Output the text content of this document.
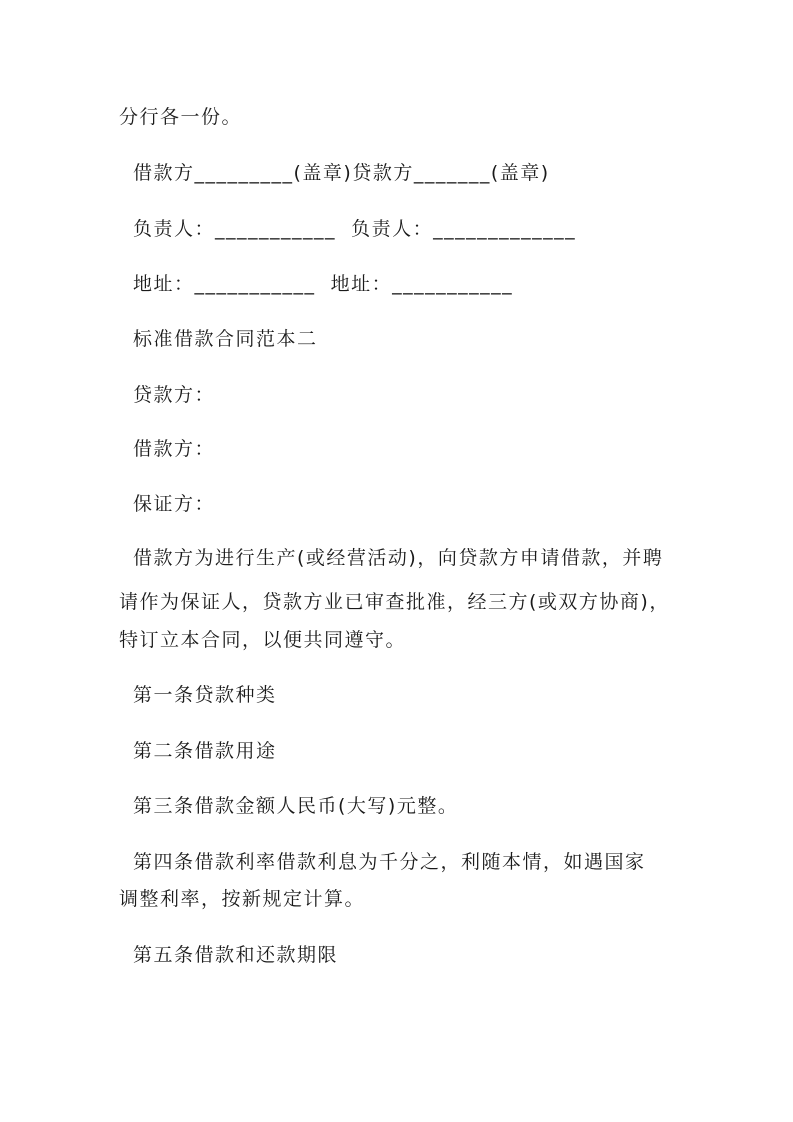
分行各一份。
借款方_________(盖章)贷款方_______(盖章)
负责人：___________  负责人：_____________
地址：___________  地址：___________
标准借款合同范本二
贷款方：
借款方：
保证方：
借款方为进行生产(或经营活动)，向贷款方申请借款，并聘
请作为保证人，贷款方业已审查批准，经三方(或双方协商)，
特订立本合同，以便共同遵守。
第一条贷款种类
第二条借款用途
第三条借款金额人民币(大写)元整。
第四条借款利率借款利息为千分之，利随本情，如遇国家
调整利率，按新规定计算。
第五条借款和还款期限
